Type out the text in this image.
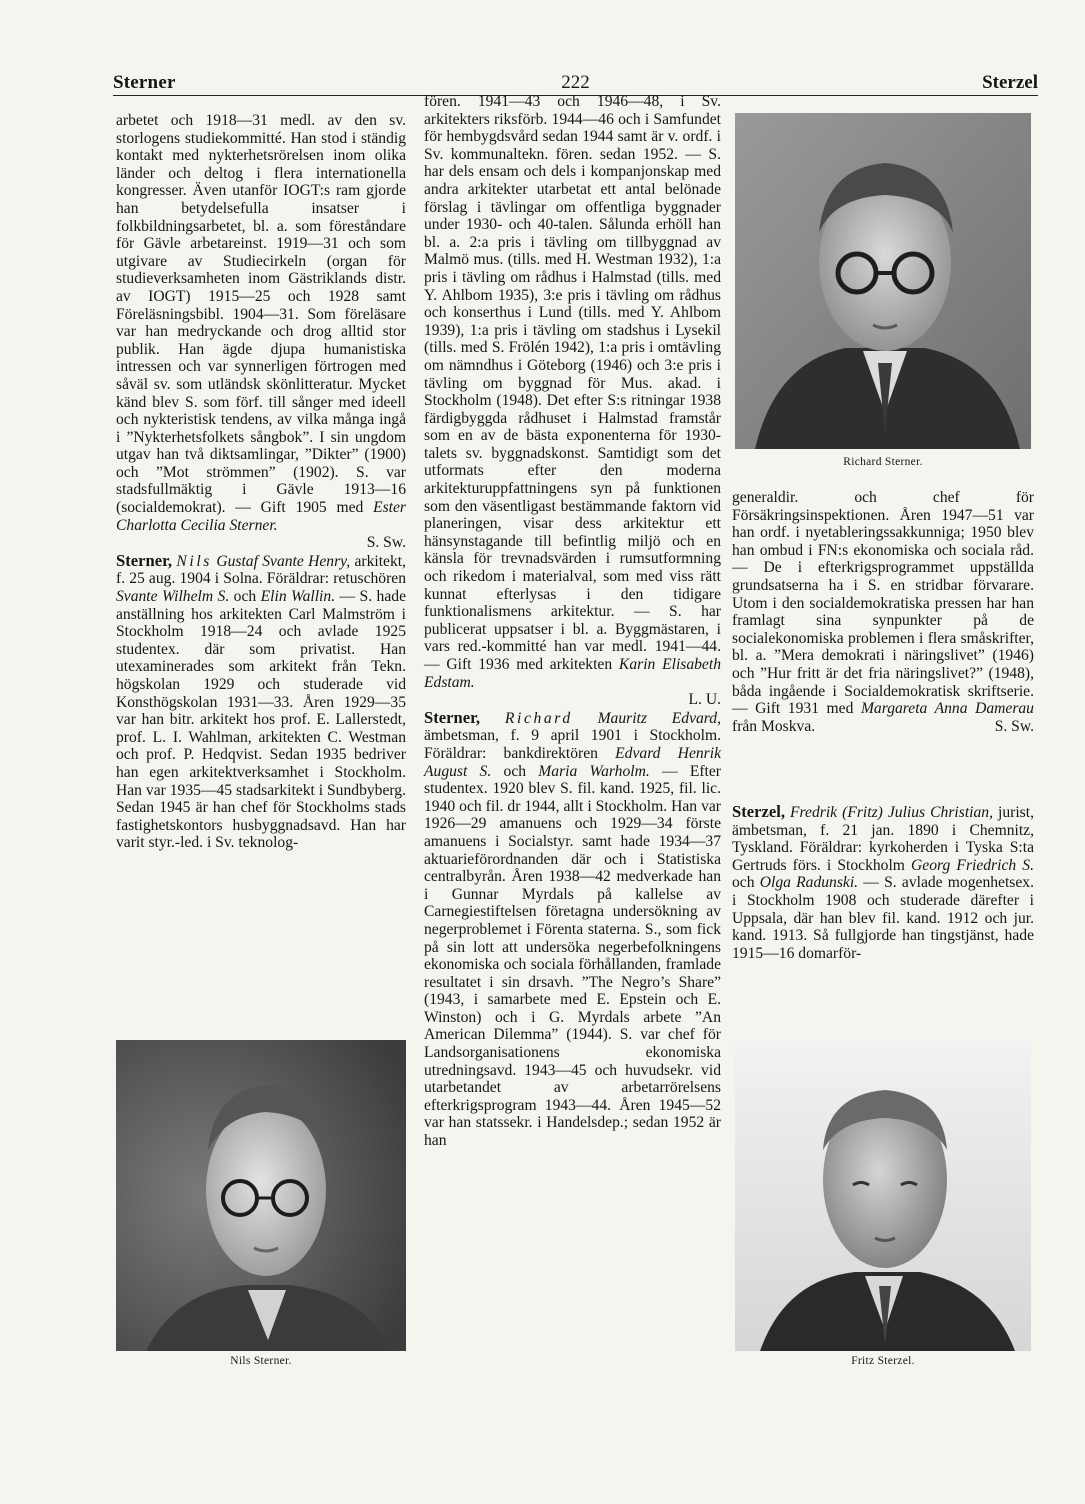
Sterner	222	Sterzel

arbetet och 1918—31 medl. av den sv. storlogens studiekommitté. Han stod i ständig kontakt med nykterhetsrörelsen inom olika länder och deltog i flera internationella kongresser. Även utanför IOGT:s ram gjorde han betydelsefulla insatser i folkbildningsarbetet, bl. a. som föreståndare för Gävle arbetareinst. 1919—31 och som utgivare av Studiecirkeln (organ för studieverksamheten inom Gästriklands distr. av IOGT) 1915—25 och 1928 samt Föreläsningsbibl. 1904—31. Som föreläsare var han medryckande och drog alltid stor publik. Han ägde djupa humanistiska intressen och var synnerligen förtrogen med såväl sv. som utländsk skönlitteratur. Mycket känd blev S. som förf. till sånger med ideell och nykteristisk tendens, av vilka många ingå i ”Nykterhetsfolkets sångbok”. I sin ungdom utgav han två diktsamlingar, ”Dikter” (1900) och ”Mot strömmen” (1902). S. var stadsfullmäktig i Gävle 1913—16 (socialdemokrat). — Gift 1905 med Ester Charlotta Cecilia Sterner.

S. Sw.

Sterner, Nils Gustaf Svante Henry, arkitekt, f. 25 aug. 1904 i Solna. Föräldrar: retuschören Svante Wilhelm S. och Elin Wallin. — S. hade anställning hos arkitekten Carl Malmström i Stockholm 1918—24 och avlade 1925 studentex. där som privatist. Han utexaminerades som arkitekt från Tekn. högskolan 1929 och studerade vid Konsthögskolan 1931—33. Åren 1929—35 var han bitr. arkitekt hos prof. E. Lallerstedt, prof. L. I. Wahlman, arkitekten C. Westman och prof. P. Hedqvist. Sedan 1935 bedriver han egen arkitektverksamhet i Stockholm. Han var 1935—45 stadsarkitekt i Sundbyberg. Sedan 1945 är han chef för Stockholms stads fastighetskontors husbyggnadsavd. Han har varit styr.-led. i Sv. teknolog-

fören. 1941—43 och 1946—48, i Sv. arkitekters riksförb. 1944—46 och i Samfundet för hembygdsvård sedan 1944 samt är v. ordf. i Sv. kommunaltekn. fören. sedan 1952. — S. har dels ensam och dels i kompanjonskap med andra arkitekter utarbetat ett antal belönade förslag i tävlingar om offentliga byggnader under 1930- och 40-talen. Sålunda erhöll han bl. a. 2:a pris i tävling om tillbyggnad av Malmö mus. (tills. med H. Westman 1932), 1:a pris i tävling om rådhus i Halmstad (tills. med Y. Ahlbom 1935), 3:e pris i tävling om rådhus och konserthus i Lund (tills. med Y. Ahlbom 1939), 1:a pris i tävling om stadshus i Lysekil (tills. med S. Frölén 1942), 1:a pris i omtävling om nämndhus i Göteborg (1946) och 3:e pris i tävling om byggnad för Mus. akad. i Stockholm (1948). Det efter S:s ritningar 1938 färdigbyggda rådhuset i Halmstad framstår som en av de bästa exponenterna för 1930-talets sv. byggnadskonst. Samtidigt som det utformats efter den moderna arkitekturuppfattningens syn på funktionen som den väsentligast bestämmande faktorn vid planeringen, visar dess arkitektur ett hänsynstagande till befintlig miljö och en känsla för trevnadsvärden i rumsutformning och rikedom i materialval, som med viss rätt kunnat efterlysas i den tidigare funktionalismens arkitektur. — S. har publicerat uppsatser i bl. a. Byggmästaren, i vars red.-kommitté han var medl. 1941—44. — Gift 1936 med arkitekten Karin Elisabeth Edstam.

L. U.

Sterner, Richard Mauritz Edvard, ämbetsman, f. 9 april 1901 i Stockholm. Föräldrar: bankdirektören Edvard Henrik August S. och Maria Warholm. — Efter studentex. 1920 blev S. fil. kand. 1925, fil. lic. 1940 och fil. dr 1944, allt i Stockholm. Han var 1926—29 amanuens och 1929—34 förste amanuens i Socialstyr. samt hade 1934—37 aktuarieförordnanden där och i Statistiska centralbyrån. Åren 1938—42 medverkade han i Gunnar Myrdals på kallelse av Carnegiestiftelsen företagna undersökning av negerproblemet i Förenta staterna. S., som fick på sin lott att undersöka negerbefolkningens ekonomiska och sociala förhållanden, framlade resultatet i sin drsavh. ”The Negro’s Share” (1943, i samarbete med E. Epstein och E. Winston) och i G. Myrdals arbete ”An American Dilemma” (1944). S. var chef för Landsorganisationens ekonomiska utredningsavd. 1943—45 och huvudsekr. vid utarbetandet av arbetarrörelsens efterkrigsprogram 1943—44. Åren 1945—52 var han statssekr. i Handelsdep.; sedan 1952 är han

generaldir. och chef för Försäkringsinspektionen. Åren 1947—51 var han ordf. i nyetableringssakkunniga; 1950 blev han ombud i FN:s ekonomiska och sociala råd. — De i efterkrigsprogrammet uppställda grundsatserna ha i S. en stridbar förvarare. Utom i den socialdemokratiska pressen har han framlagt sina synpunkter på de socialekonomiska problemen i flera småskrifter, bl. a. ”Mera demokrati i näringslivet” (1946) och ”Hur fritt är det fria näringslivet?” (1948), båda ingående i Socialdemokratisk skriftserie. — Gift 1931 med Margareta Anna Damerau från Moskva.	S. Sw.

Sterzel, Fredrik (Fritz) Julius Christian, jurist, ämbetsman, f. 21 jan. 1890 i Chemnitz, Tyskland. Föräldrar: kyrkoherden i Tyska S:ta Gertruds förs. i Stockholm Georg Friedrich S. och Olga Radunski. — S. avlade mogenhetsex. i Stockholm 1908 och studerade därefter i Uppsala, där han blev fil. kand. 1912 och jur. kand. 1913. Så fullgjorde han tingstjänst, hade 1915—16 domarför-

Richard Sterner.
Nils Sterner.	Fritz Sterzel.
